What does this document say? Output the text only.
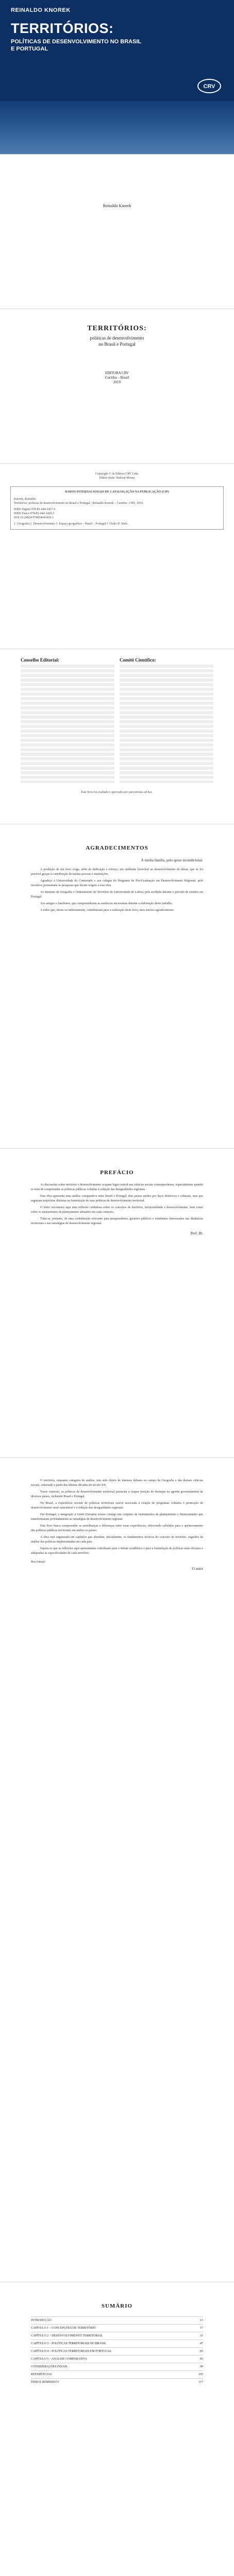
REINALDO KNOREK
TERRITÓRIOS:
POLÍTICAS DE DESENVOLVIMENTO NO BRASIL E PORTUGAL
CRV
Reinaldo Knorek
TERRITÓRIOS:
políticas de desenvolvimento
no Brasil e Portugal
EDITORA CRV
Curitiba – Brasil
2019
Copyright © da Editora CRV Ltda.
Editor-chefe: Railson Moura
DADOS INTERNACIONAIS DE CATALOGAÇÃO NA PUBLICAÇÃO (CIP)
Knorek, Reinaldo
Territórios: políticas de desenvolvimento no Brasil e Portugal / Reinaldo Knorek – Curitiba : CRV, 2019.
ISBN Digital 978-85-444-3427-0
ISBN Físico 978-85-444-3426-3
DOI 10.24824/978854443426.3
1. Geografia 2. Desenvolvimento 3. Espaço geográfico – Brasil – Portugal I. Título II. Série.
Conselho Editorial:	Comitê Científico:
Este livro foi avaliado e aprovado por pareceristas ad hoc.
AGRADECIMENTOS
À minha família, pelo apoio incondicional.

A produção de um livro exige, além de dedicação e esforço, um ambiente favorável ao desenvolvimento de ideias, que só foi possível graças à contribuição de muitas pessoas e instituições.

Agradeço à Universidade do Contestado e aos colegas do Programa de Pós-Graduação em Desenvolvimento Regional, pelo incentivo permanente às pesquisas que deram origem a esta obra.

Ao Instituto de Geografia e Ordenamento do Território da Universidade de Lisboa, pela acolhida durante o período de estudos em Portugal.

Aos amigos e familiares, que compreenderam as ausências necessárias durante a elaboração deste trabalho.

A todos que, direta ou indiretamente, contribuíram para a realização deste livro, meu sincero agradecimento.

PREFÁCIO

As discussões sobre território e desenvolvimento ocupam lugar central nas ciências sociais contemporâneas, especialmente quando se trata de compreender as políticas públicas voltadas à redução das desigualdades regionais.

Esta obra apresenta uma análise comparativa entre Brasil e Portugal, dois países unidos por laços históricos e culturais, mas que seguiram trajetórias distintas na formulação de suas políticas de desenvolvimento territorial.

O leitor encontrará aqui uma reflexão cuidadosa sobre os conceitos de território, territorialidade e desenvolvimento, bem como sobre os instrumentos de planejamento adotados em cada contexto.

Trata-se, portanto, de uma contribuição relevante para pesquisadores, gestores públicos e estudantes interessados nas dinâmicas territoriais e nas estratégias de desenvolvimento regional.

Prof. Dr.

O território, enquanto categoria de análise, tem sido objeto de intensos debates no campo da Geografia e das demais ciências sociais, sobretudo a partir das últimas décadas do século XX.

Nesse contexto, as políticas de desenvolvimento territorial passaram a ocupar posição de destaque na agenda governamental de diversos países, incluindo Brasil e Portugal.

No Brasil, a experiência recente de políticas territoriais esteve associada à criação de programas voltados à promoção do desenvolvimento rural sustentável e à redução das desigualdades regionais.

Em Portugal, a integração à União Europeia trouxe consigo um conjunto de instrumentos de planejamento e financiamento que transformaram profundamente as estratégias de desenvolvimento regional.

Este livro busca compreender as semelhanças e diferenças entre essas experiências, oferecendo subsídios para o aprimoramento das políticas públicas territoriais em ambos os países.

A obra está organizada em capítulos que abordam, inicialmente, os fundamentos teóricos do conceito de território, seguidos da análise das políticas implementadas em cada país.

Espera-se que as reflexões aqui apresentadas contribuam para o debate acadêmico e para a formulação de políticas mais eficazes e adequadas às especificidades de cada território.

Boa leitura!

O autor
SUMÁRIO
INTRODUÇÃO	13
CAPÍTULO 1 – CONCEPÇÕES DE TERRITÓRIO	17
CAPÍTULO 2 – DESENVOLVIMENTO TERRITORIAL	31
CAPÍTULO 3 – POLÍTICAS TERRITORIAIS NO BRASIL	47
CAPÍTULO 4 – POLÍTICAS TERRITORIAIS EM PORTUGAL	65
CAPÍTULO 5 – ANÁLISE COMPARATIVA	83
CONSIDERAÇÕES FINAIS	99
REFERÊNCIAS	105
ÍNDICE REMISSIVO	117
